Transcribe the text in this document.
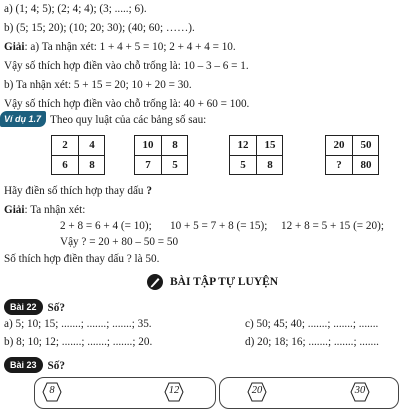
a) (1; 4; 5); (2; 4; 4); (3; .....; 6).
b) (5; 15; 20); (10; 20; 30); (40; 60; ……).
Giải: a) Ta nhận xét: 1 + 4 + 5 = 10; 2 + 4 + 4 = 10.
Vậy số thích hợp điền vào chỗ trống là: 10 – 3 – 6 = 1.
b) Ta nhận xét: 5 + 15 = 20; 10 + 20 = 30.
Vậy số thích hợp điền vào chỗ trống là: 40 + 60 = 100.
Ví dụ 1.7 Theo quy luật của các bảng số sau:
2	4
6	8
10	8
7	5
12	15
5	8
20	50
?	80
Hãy điền số thích hợp thay dấu ?
Giải: Ta nhận xét:
2 + 8 = 6 + 4 (= 10); 10 + 5 = 7 + 8 (= 15); 12 + 8 = 5 + 15 (= 20);
Vậy ? = 20 + 80 – 50 = 50
Số thích hợp điền thay dấu ? là 50.
BÀI TẬP TỰ LUYỆN
Bài 22 Số?
a) 5; 10; 15; .......; .......; .......; 35.	c) 50; 45; 40; .......; .......; .......
b) 8; 10; 12; .......; .......; .......; 20.	d) 20; 18; 16; .......; .......; .......
Bài 23 Số?
8	12	20	30
